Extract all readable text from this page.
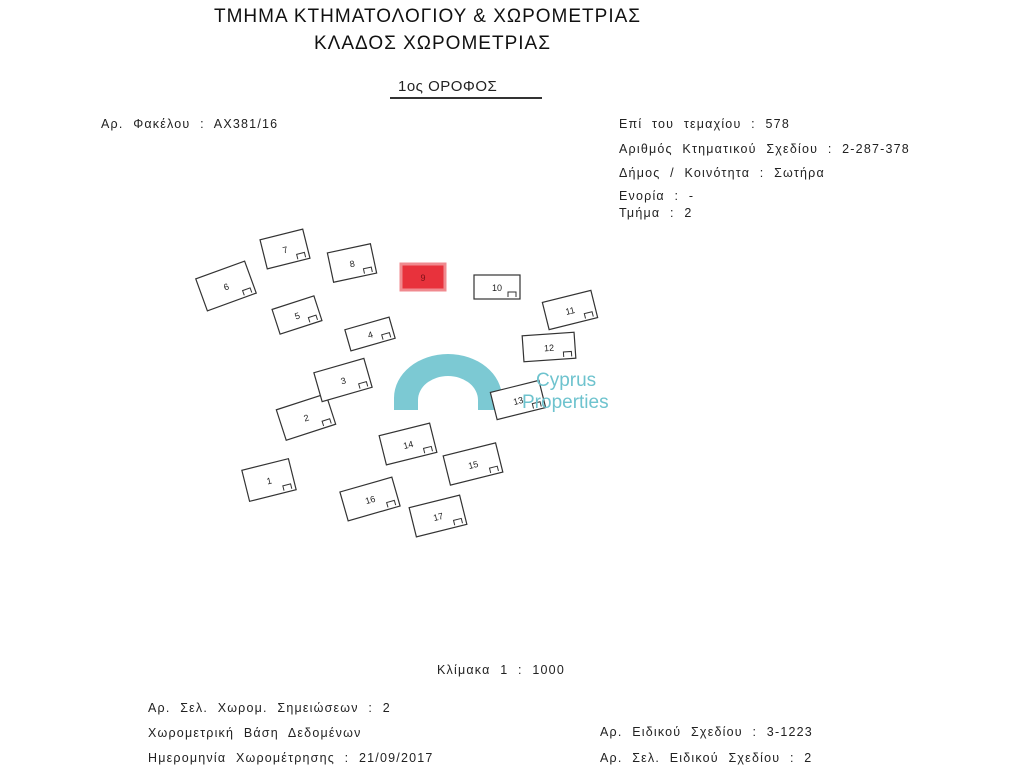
ΤΜΗΜΑ ΚΤΗΜΑΤΟΛΟΓΙΟΥ & ΧΩΡΟΜΕΤΡΙΑΣ
ΚΛΑΔΟΣ ΧΩΡΟΜΕΤΡΙΑΣ
1ος ΟΡΟΦΟΣ
Αρ. Φακέλου : ΑΧ381/16	Επί του τεμαχίου : 578
Αριθμός Κτηματικού Σχεδίου : 2-287-378
Δήμος / Κοινότητα : Σωτήρα
Ενορία : -
Τμήμα : 2
1
2
3
4
5
6
7
8
9
10
11
12
13
14
15
16
17
Cyprus
Properties
Κλίμακα 1 : 1000
Αρ. Σελ. Χωρομ. Σημειώσεων : 2
Χωρομετρική Βάση Δεδομένων
Ημερομηνία Χωρομέτρησης : 21/09/2017
Αρ. Ειδικού Σχεδίου : 3-1223
Αρ. Σελ. Ειδικού Σχεδίου : 2
